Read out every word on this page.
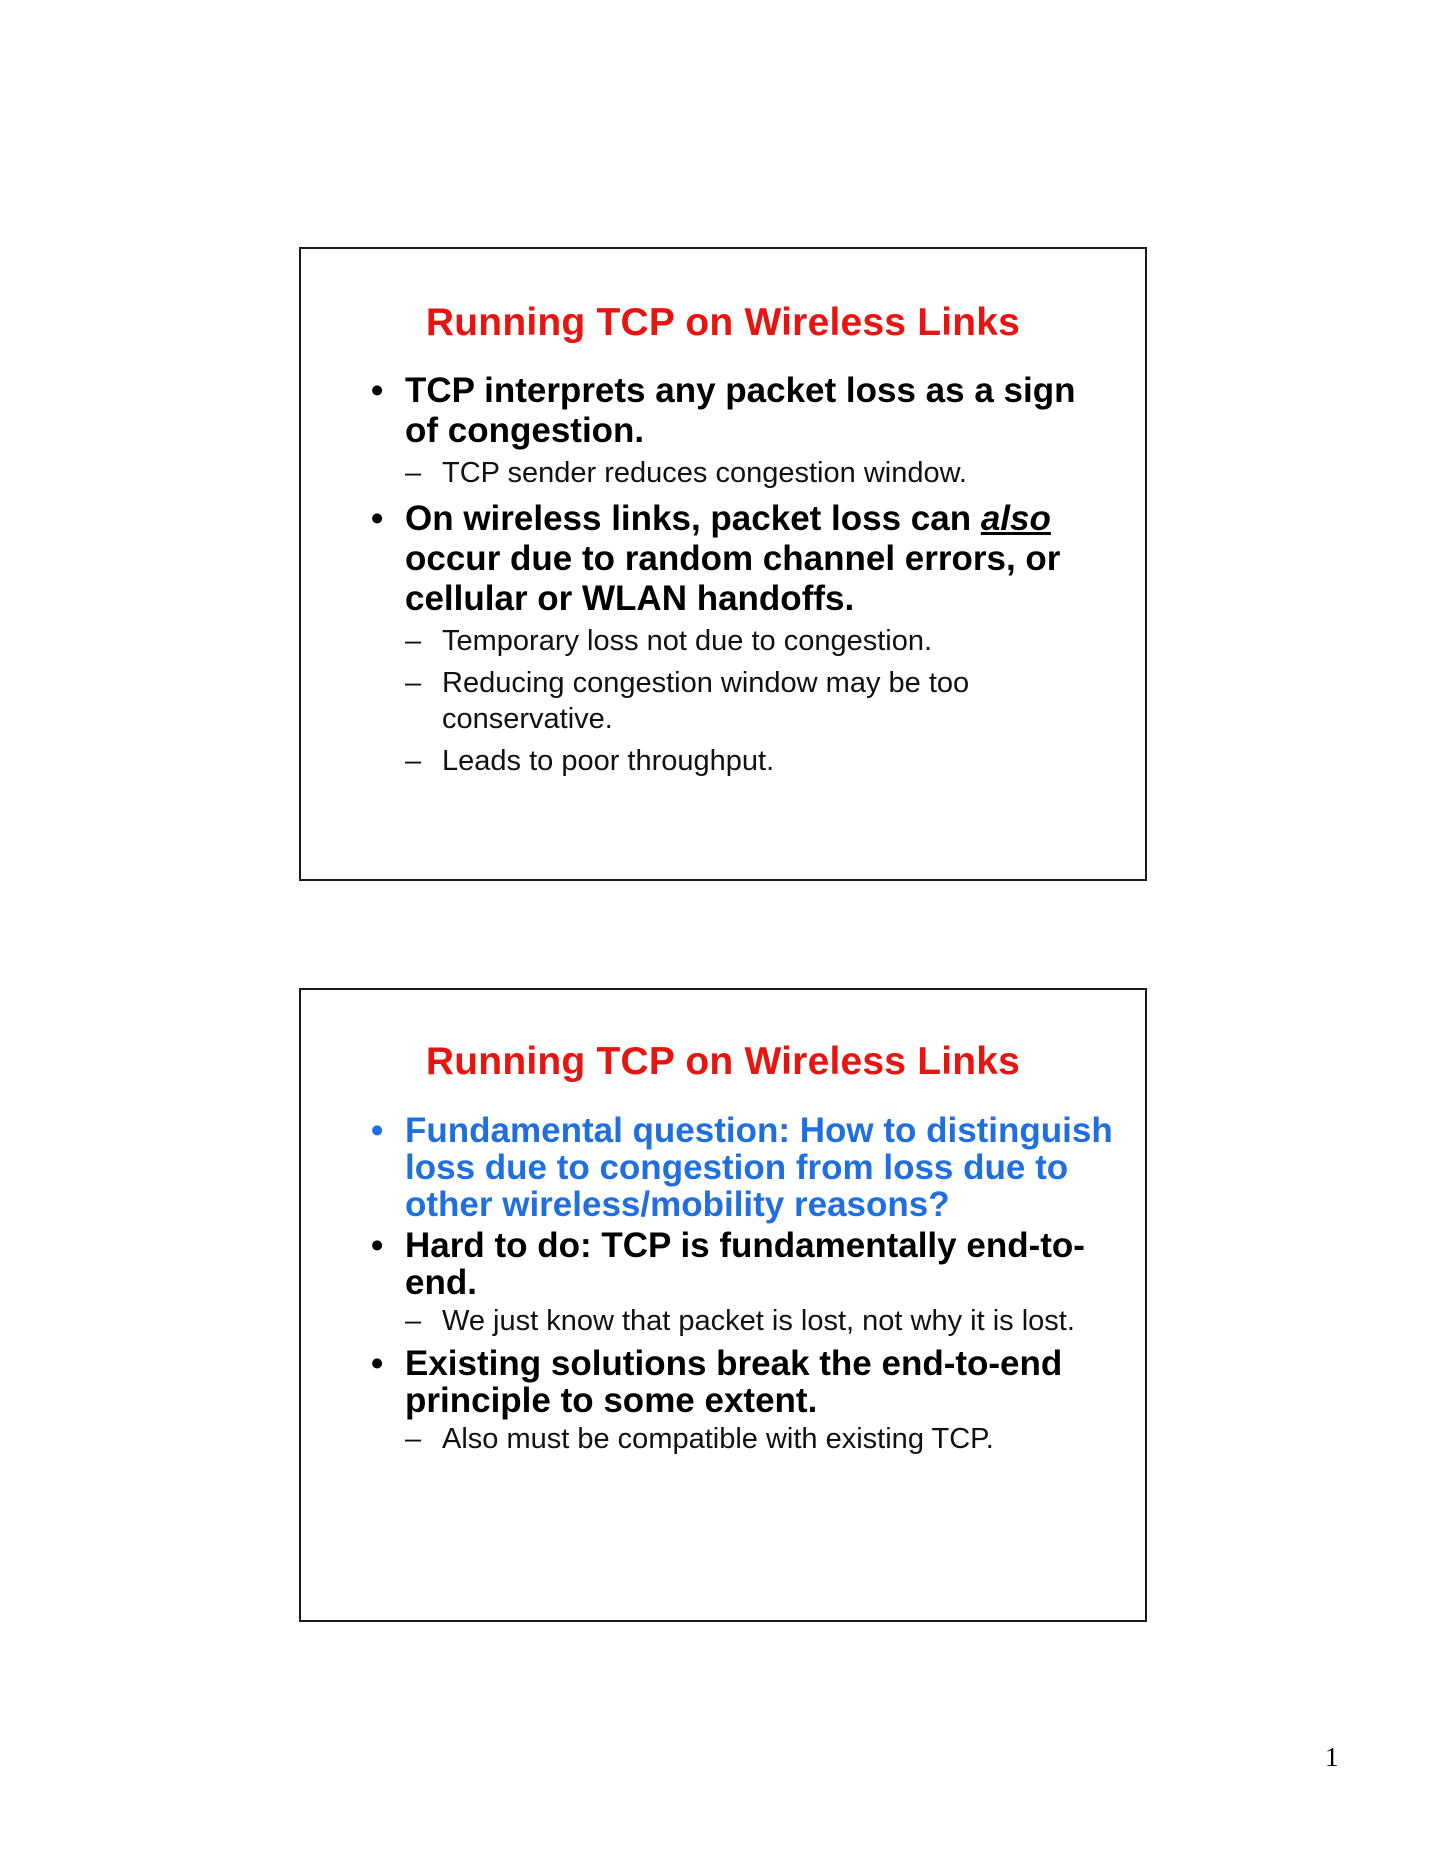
Running TCP on Wireless Links
• TCP interprets any packet loss as a sign of congestion.
– TCP sender reduces congestion window.
• On wireless links, packet loss can also occur due to random channel errors, or cellular or WLAN handoffs.
– Temporary loss not due to congestion.
– Reducing congestion window may be too conservative.
– Leads to poor throughput.
Running TCP on Wireless Links
• Fundamental question: How to distinguish loss due to congestion from loss due to other wireless/mobility reasons?
• Hard to do: TCP is fundamentally end-to-end.
– We just know that packet is lost, not why it is lost.
• Existing solutions break the end-to-end principle to some extent.
– Also must be compatible with existing TCP.
1
